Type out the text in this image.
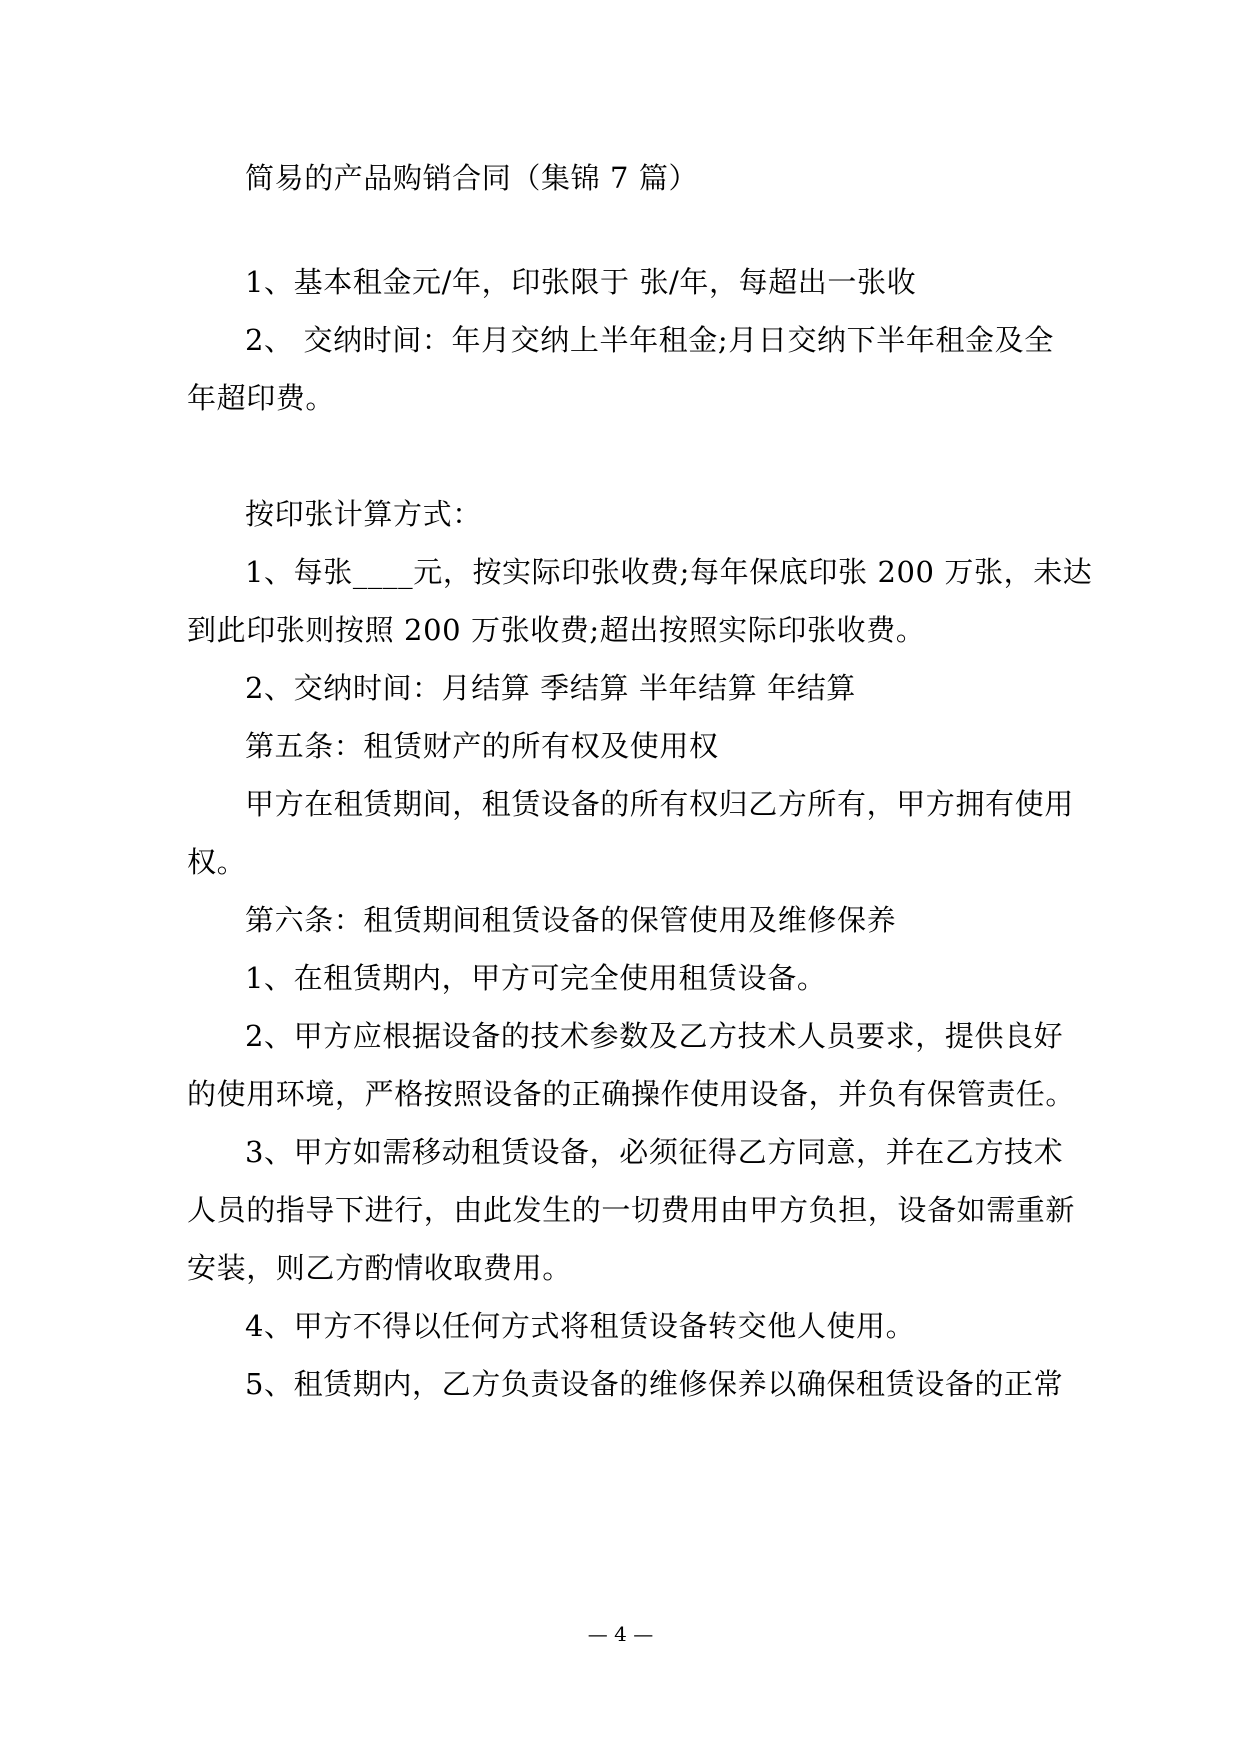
简易的产品购销合同（集锦 7 篇）
1、基本租金元/年，印张限于 张/年，每超出一张收
2、 交纳时间：年月交纳上半年租金;月日交纳下半年租金及全
年超印费。
按印张计算方式：
1、每张____元，按实际印张收费;每年保底印张 200 万张，未达
到此印张则按照 200 万张收费;超出按照实际印张收费。
2、交纳时间：月结算 季结算 半年结算 年结算
第五条：租赁财产的所有权及使用权
甲方在租赁期间，租赁设备的所有权归乙方所有，甲方拥有使用
权。
第六条：租赁期间租赁设备的保管使用及维修保养
1、在租赁期内，甲方可完全使用租赁设备。
2、甲方应根据设备的技术参数及乙方技术人员要求，提供良好
的使用环境，严格按照设备的正确操作使用设备，并负有保管责任。
3、甲方如需移动租赁设备，必须征得乙方同意，并在乙方技术
人员的指导下进行，由此发生的一切费用由甲方负担，设备如需重新
安装，则乙方酌情收取费用。
4、甲方不得以任何方式将租赁设备转交他人使用。
5、租赁期内，乙方负责设备的维修保养以确保租赁设备的正常
— 4 —
